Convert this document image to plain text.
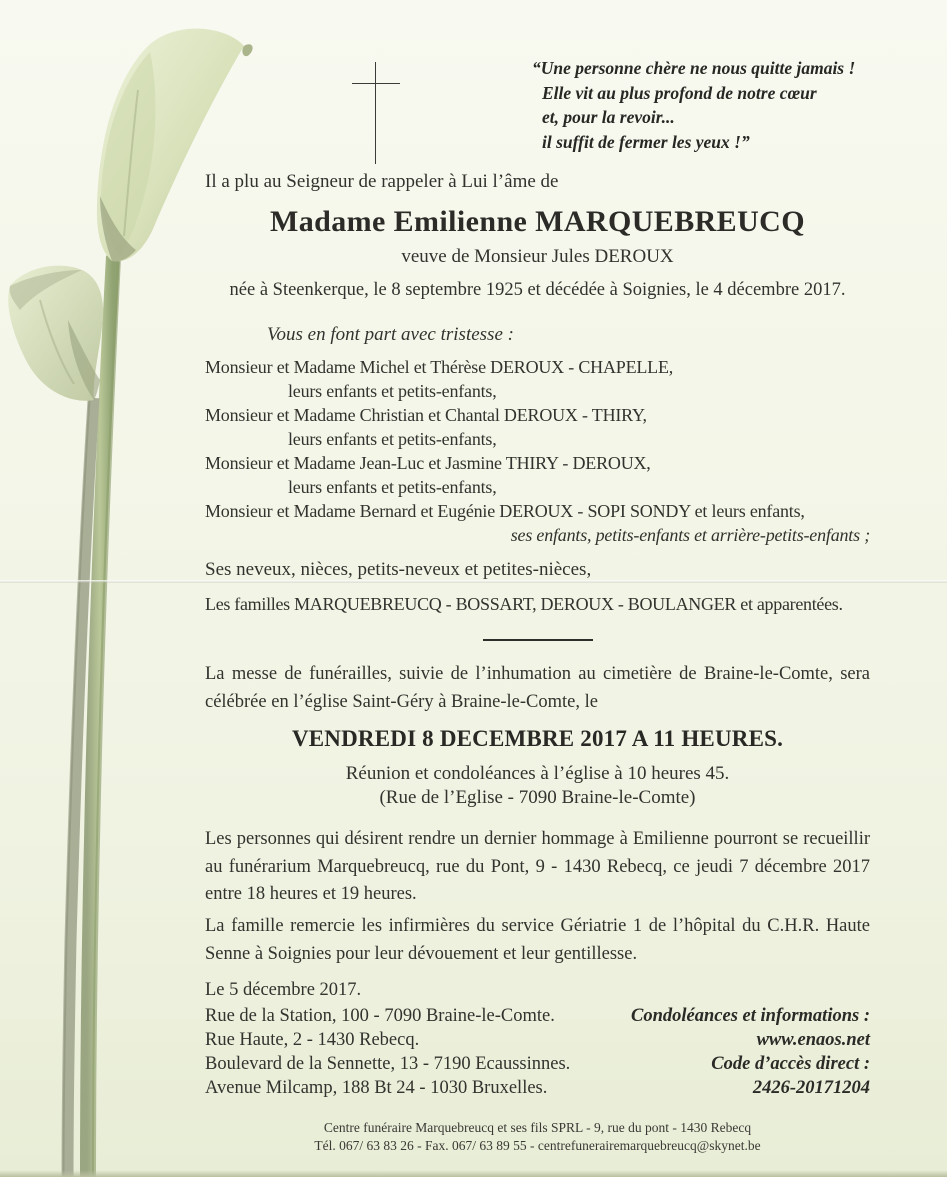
“Une personne chère ne nous quitte jamais !
Elle vit au plus profond de notre cœur
et, pour la revoir...
il suffit de fermer les yeux !”
Il a plu au Seigneur de rappeler à Lui l’âme de
Madame Emilienne MARQUEBREUCQ
veuve de Monsieur Jules DEROUX
née à Steenkerque, le 8 septembre 1925 et décédée à Soignies, le 4 décembre 2017.
Vous en font part avec tristesse :
Monsieur et Madame Michel et Thérèse DEROUX - CHAPELLE,
leurs enfants et petits-enfants,
Monsieur et Madame Christian et Chantal DEROUX - THIRY,
leurs enfants et petits-enfants,
Monsieur et Madame Jean-Luc et Jasmine THIRY - DEROUX,
leurs enfants et petits-enfants,
Monsieur et Madame Bernard et Eugénie DEROUX - SOPI SONDY et leurs enfants,
ses enfants, petits-enfants et arrière-petits-enfants ;
Ses neveux, nièces, petits-neveux et petites-nièces,
Les familles MARQUEBREUCQ - BOSSART, DEROUX - BOULANGER et apparentées.
La messe de funérailles, suivie de l’inhumation au cimetière de Braine-le-Comte, sera célébrée en l’église Saint-Géry à Braine-le-Comte, le
VENDREDI 8 DECEMBRE 2017 A 11 HEURES.
Réunion et condoléances à l’église à 10 heures 45.
(Rue de l’Eglise - 7090 Braine-le-Comte)
Les personnes qui désirent rendre un dernier hommage à Emilienne pourront se recueillir au funérarium Marquebreucq, rue du Pont, 9 - 1430 Rebecq, ce jeudi 7 décembre 2017 entre 18 heures et 19 heures.
La famille remercie les infirmières du service Gériatrie 1 de l’hôpital du C.H.R. Haute Senne à Soignies pour leur dévouement et leur gentillesse.
Le 5 décembre 2017.
Rue de la Station, 100 - 7090 Braine-le-Comte.	Condoléances et informations :
Rue Haute, 2 - 1430 Rebecq.	www.enaos.net
Boulevard de la Sennette, 13 - 7190 Ecaussinnes.	Code d’accès direct :
Avenue Milcamp, 188 Bt 24 - 1030 Bruxelles.	2426-20171204
Centre funéraire Marquebreucq et ses fils SPRL - 9, rue du pont - 1430 Rebecq
Tél. 067/ 63 83 26 - Fax. 067/ 63 89 55 - centrefunerairemarquebreucq@skynet.be
